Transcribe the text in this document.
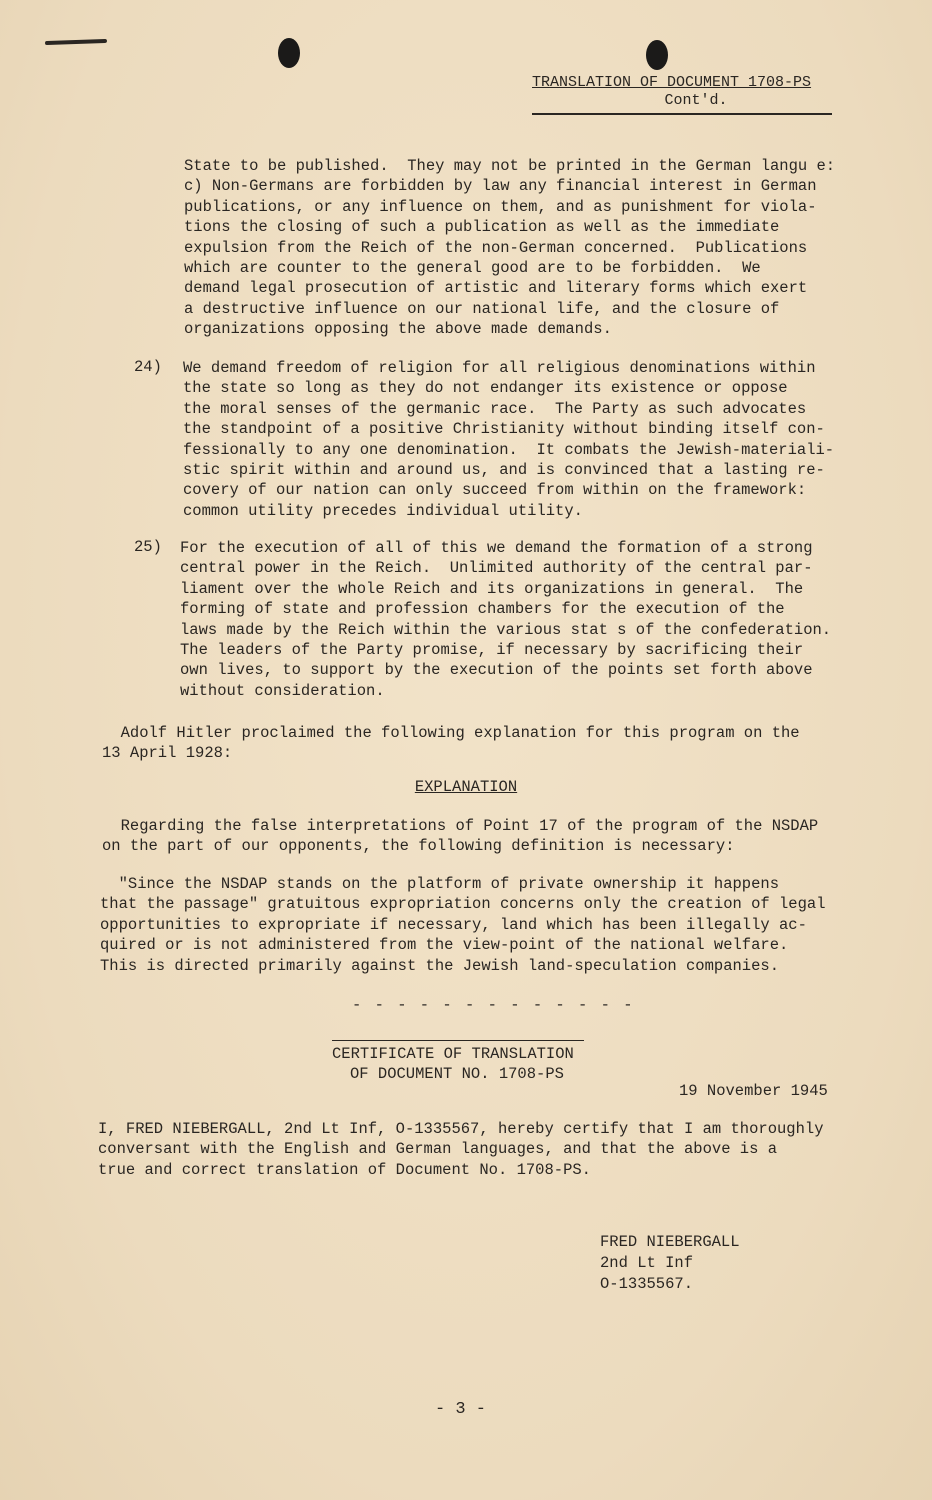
TRANSLATION OF DOCUMENT 1708-PS
Cont'd.
State to be published.  They may not be printed in the German langu e:
c) Non-Germans are forbidden by law any financial interest in German
publications, or any influence on them, and as punishment for viola-
tions the closing of such a publication as well as the immediate
expulsion from the Reich of the non-German concerned.  Publications
which are counter to the general good are to be forbidden.  We
demand legal prosecution of artistic and literary forms which exert
a destructive influence on our national life, and the closure of
organizations opposing the above made demands.
24) We demand freedom of religion for all religious denominations within
the state so long as they do not endanger its existence or oppose
the moral senses of the germanic race.  The Party as such advocates
the standpoint of a positive Christianity without binding itself con-
fessionally to any one denomination.  It combats the Jewish-materiali-
stic spirit within and around us, and is convinced that a lasting re-
covery of our nation can only succeed from within on the framework:
common utility precedes individual utility.
25) For the execution of all of this we demand the formation of a strong
central power in the Reich.  Unlimited authority of the central par-
liament over the whole Reich and its organizations in general.  The
forming of state and profession chambers for the execution of the
laws made by the Reich within the various stat s of the confederation.
The leaders of the Party promise, if necessary by sacrificing their
own lives, to support by the execution of the points set forth above
without consideration.
Adolf Hitler proclaimed the following explanation for this program on the
13 April 1928:
EXPLANATION
Regarding the false interpretations of Point 17 of the program of the NSDAP
on the part of our opponents, the following definition is necessary:
"Since the NSDAP stands on the platform of private ownership it happens
that the passage" gratuitous expropriation concerns only the creation of legal
opportunities to expropriate if necessary, land which has been illegally ac-
quired or is not administered from the view-point of the national welfare.
This is directed primarily against the Jewish land-speculation companies.
- - - - - - - - - - - - -
CERTIFICATE OF TRANSLATION
OF DOCUMENT NO. 1708-PS
19 November 1945
I, FRED NIEBERGALL, 2nd Lt Inf, O-1335567, hereby certify that I am thoroughly
conversant with the English and German languages, and that the above is a
true and correct translation of Document No. 1708-PS.
FRED NIEBERGALL
2nd Lt Inf
O-1335567.
- 3 -
